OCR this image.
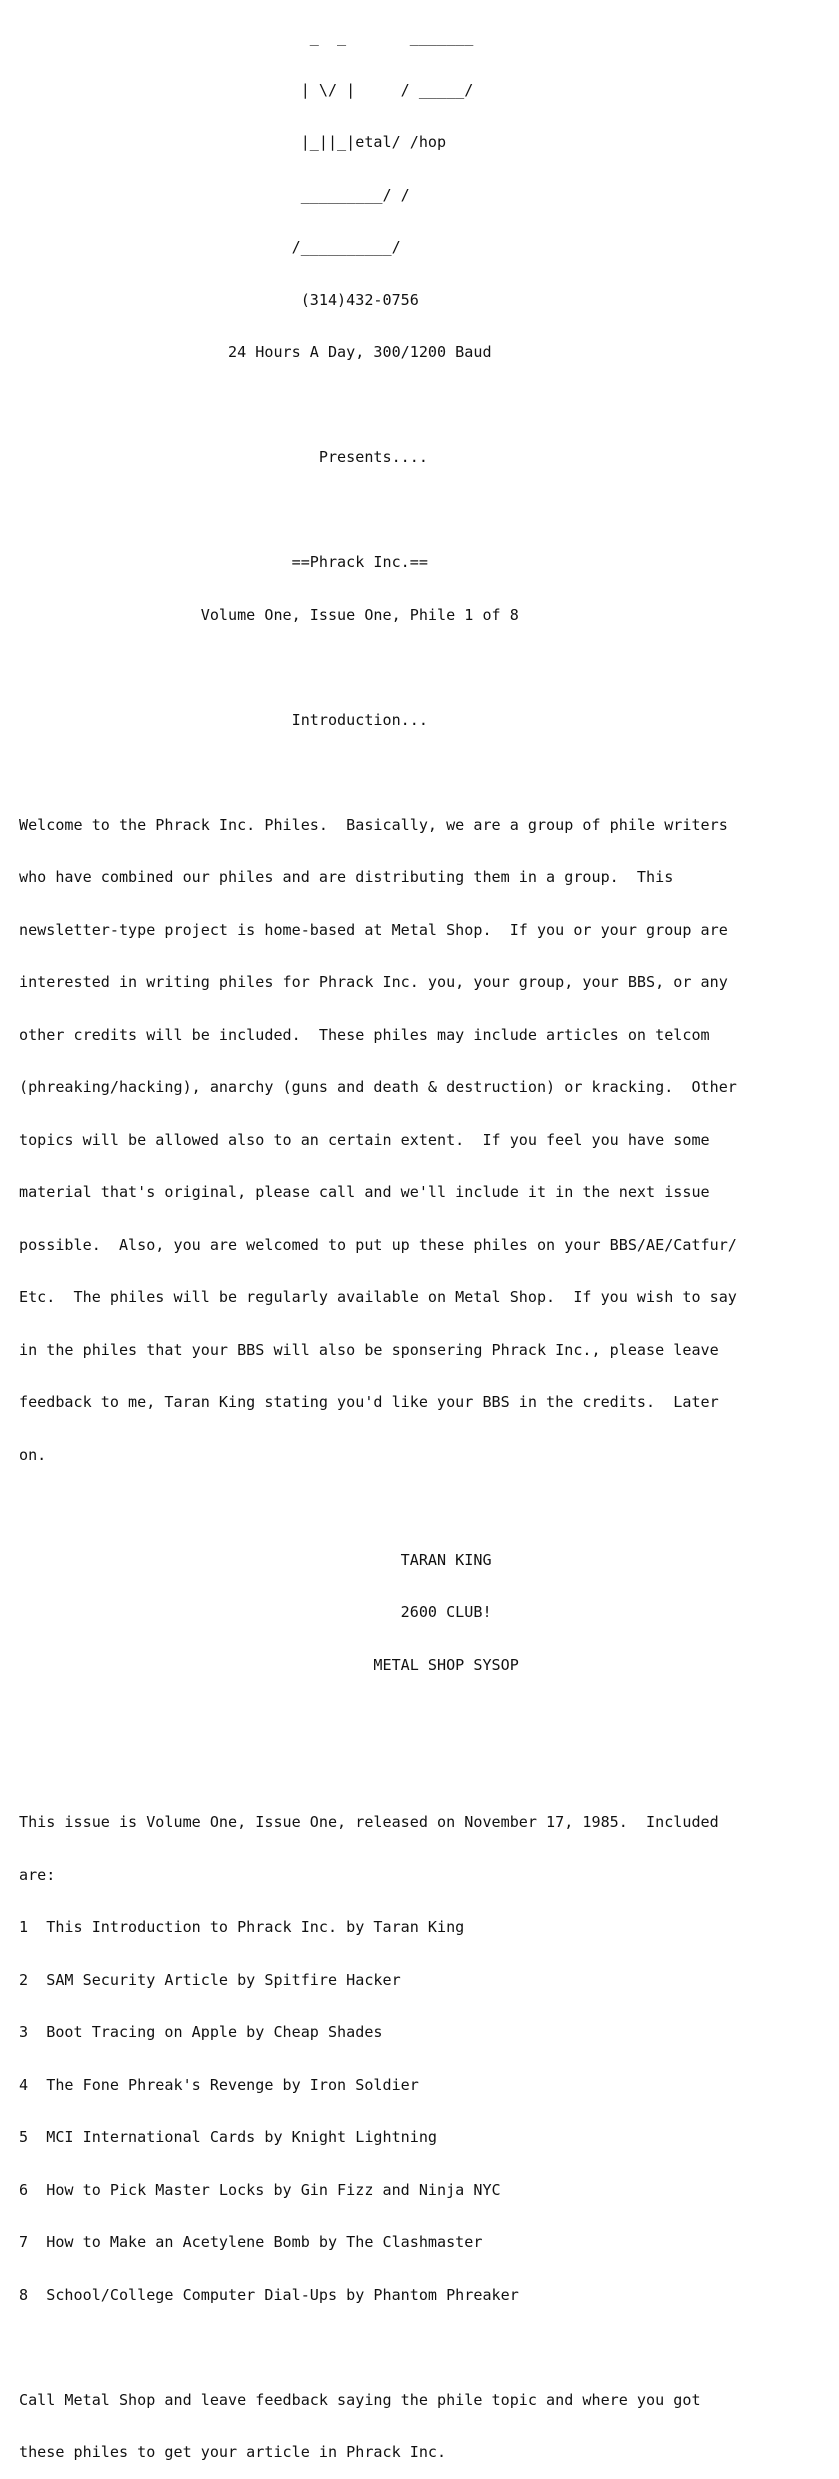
_  _       _______

| \/ |     / _____/

|_||_|etal/ /hop

_________/ /

/__________/

(314)432-0756

24 Hours A Day, 300/1200 Baud

Presents....

==Phrack Inc.==

Volume One, Issue One, Phile 1 of 8

Introduction...

Welcome to the Phrack Inc. Philes.  Basically, we are a group of phile writers

who have combined our philes and are distributing them in a group.  This

newsletter-type project is home-based at Metal Shop.  If you or your group are

interested in writing philes for Phrack Inc. you, your group, your BBS, or any

other credits will be included.  These philes may include articles on telcom

(phreaking/hacking), anarchy (guns and death & destruction) or kracking.  Other

topics will be allowed also to an certain extent.  If you feel you have some

material that's original, please call and we'll include it in the next issue

possible.  Also, you are welcomed to put up these philes on your BBS/AE/Catfur/

Etc.  The philes will be regularly available on Metal Shop.  If you wish to say

in the philes that your BBS will also be sponsering Phrack Inc., please leave

feedback to me, Taran King stating you'd like your BBS in the credits.  Later

on.

TARAN KING

2600 CLUB!

METAL SHOP SYSOP

This issue is Volume One, Issue One, released on November 17, 1985.  Included

are:

1  This Introduction to Phrack Inc. by Taran King

2  SAM Security Article by Spitfire Hacker

3  Boot Tracing on Apple by Cheap Shades

4  The Fone Phreak's Revenge by Iron Soldier

5  MCI International Cards by Knight Lightning

6  How to Pick Master Locks by Gin Fizz and Ninja NYC

7  How to Make an Acetylene Bomb by The Clashmaster

8  School/College Computer Dial-Ups by Phantom Phreaker

Call Metal Shop and leave feedback saying the phile topic and where you got

these philes to get your article in Phrack Inc.
